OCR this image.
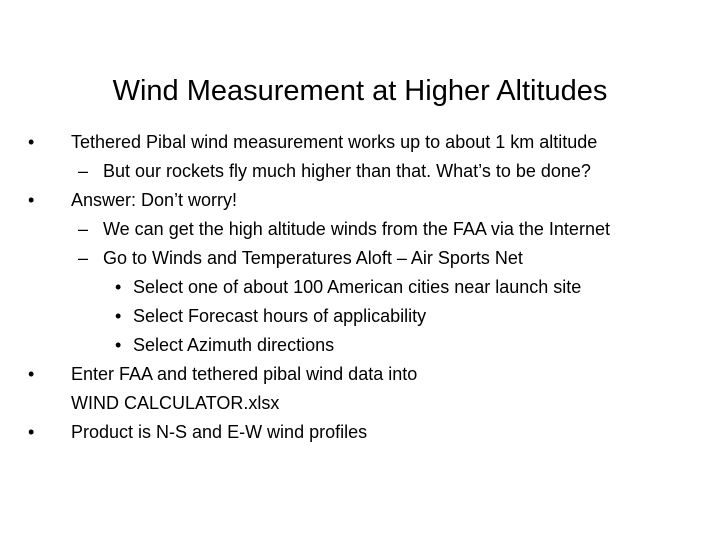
Wind Measurement at Higher Altitudes
• Tethered Pibal wind measurement works up to about 1 km altitude
– But our rockets fly much higher than that. What’s to be done?
• Answer: Don’t worry!
– We can get the high altitude winds from the FAA via the Internet
– Go to Winds and Temperatures Aloft – Air Sports Net
• Select one of about 100 American cities near launch site
• Select Forecast hours of applicability
• Select Azimuth directions
• Enter FAA and tethered pibal wind data into
WIND CALCULATOR.xlsx
• Product is N-S and E-W wind profiles
